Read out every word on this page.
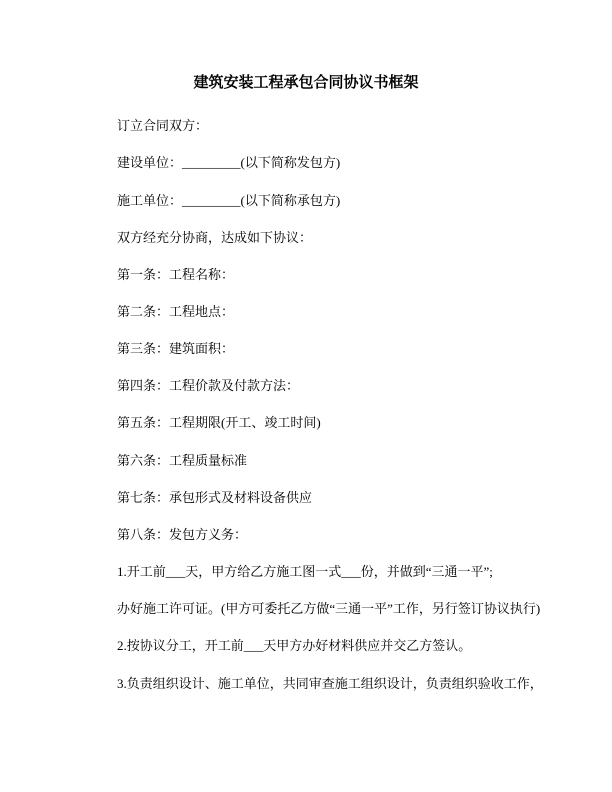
建筑安装工程承包合同协议书框架

订立合同双方：

建设单位：_________(以下简称发包方)

施工单位：_________(以下简称承包方)

双方经充分协商，达成如下协议：

第一条：工程名称：

第二条：工程地点：

第三条：建筑面积：

第四条：工程价款及付款方法：

第五条：工程期限(开工、竣工时间)

第六条：工程质量标准

第七条：承包形式及材料设备供应

第八条：发包方义务：

1.开工前___天，甲方给乙方施工图一式___份，并做到“三通一平”;

办好施工许可证。(甲方可委托乙方做“三通一平”工作，另行签订协议执行)

2.按协议分工，开工前___天甲方办好材料供应并交乙方签认。

3.负责组织设计、施工单位，共同审查施工组织设计，负责组织验收工作，
